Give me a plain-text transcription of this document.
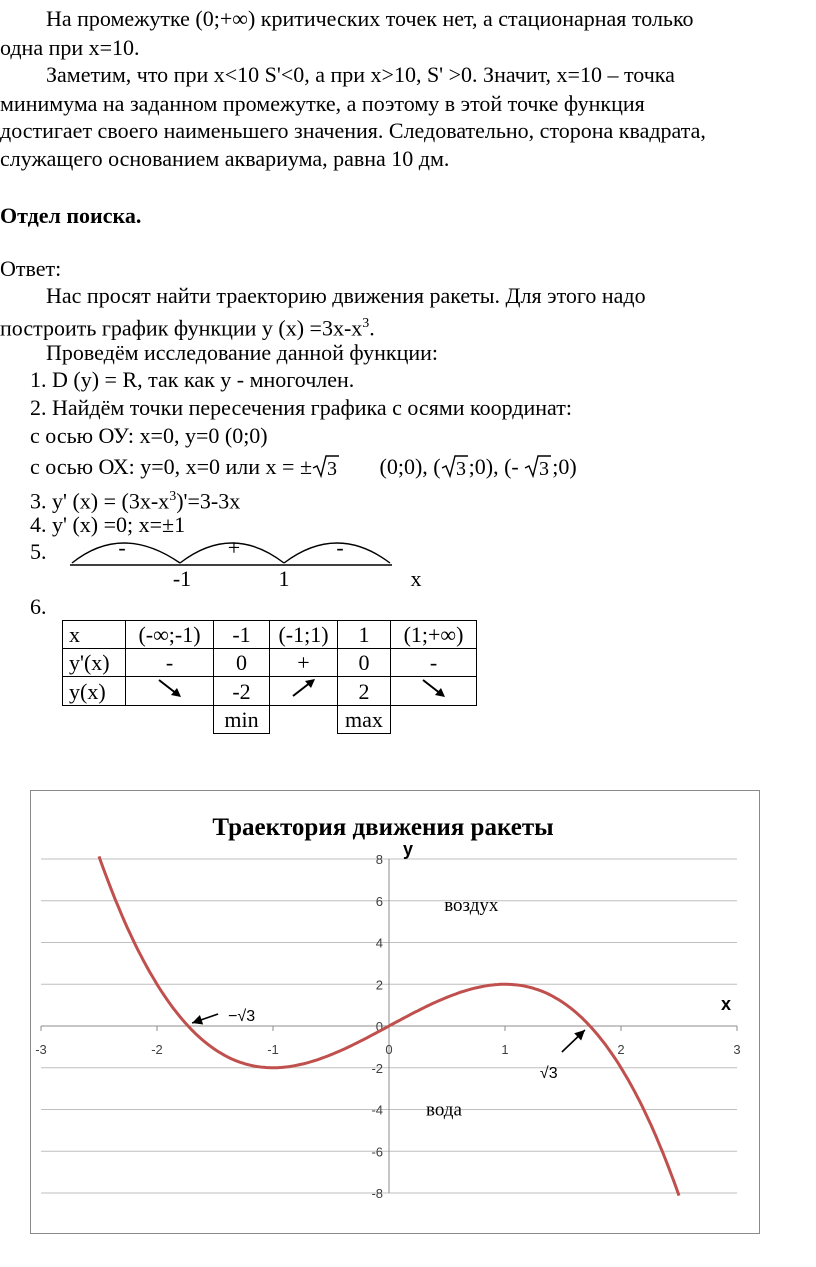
На промежутке (0;+∞) критических точек нет, а стационарная только
одна при x=10.
Заметим, что при x<10 S'<0, а при x>10, S' >0. Значит, x=10 – точка
минимума на заданном промежутке, а поэтому в этой точке функция
достигает своего наименьшего значения. Следовательно, сторона квадрата,
служащего основанием аквариума, равна 10 дм.
Отдел поиска.
Ответ:
Нас просят найти траекторию движения ракеты. Для этого надо
построить график функции y $(x) =3x-x^3$.
Проведём исследование данной функции:
1. D (y) = R, так как y - многочлен.
2. Найдём точки пересечения графика с осями координат:
с осью ОУ: x=0, y=0 (0;0)
с осью ОХ: y=0, x=0 или x = ± 3 (0;0), ( 3 ;0), (- 3 ;0)
3. y' $(x) = (3x-x^3)'=3-3x$
4. y' (x) =0; x=±1
5.	-	+	-
-1	1	x
6.
x	(-∞;-1)	-1	(-1;1)	1	(1;+∞)
y'(x)	-	0	+	0	-
y(x)		-2		2	
		min		max	
Траектория движения ракеты
-8
-6
-4
-2
0
2
4
6
8
-3	-2	-1	0	1	2	3
y
x
воздух
вода
−√3
√3
